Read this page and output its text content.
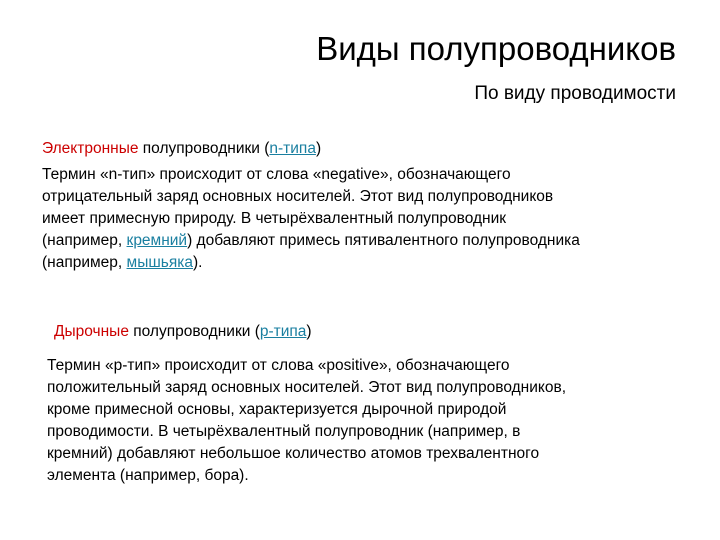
Виды полупроводников
По виду проводимости
Электронные полупроводники (n-типа)
Термин «n-тип» происходит от слова «negative», обозначающего
отрицательный заряд основных носителей. Этот вид полупроводников
имеет примесную природу. В четырёхвалентный полупроводник
(например, кремний) добавляют примесь пятивалентного полупроводника
(например, мышьяка).
Дырочные полупроводники (p-типа)
Термин «p-тип» происходит от слова «positive», обозначающего
положительный заряд основных носителей. Этот вид полупроводников,
кроме примесной основы, характеризуется дырочной природой
проводимости. В четырёхвалентный полупроводник (например, в
кремний) добавляют небольшое количество атомов трехвалентного
элемента (например, бора).
